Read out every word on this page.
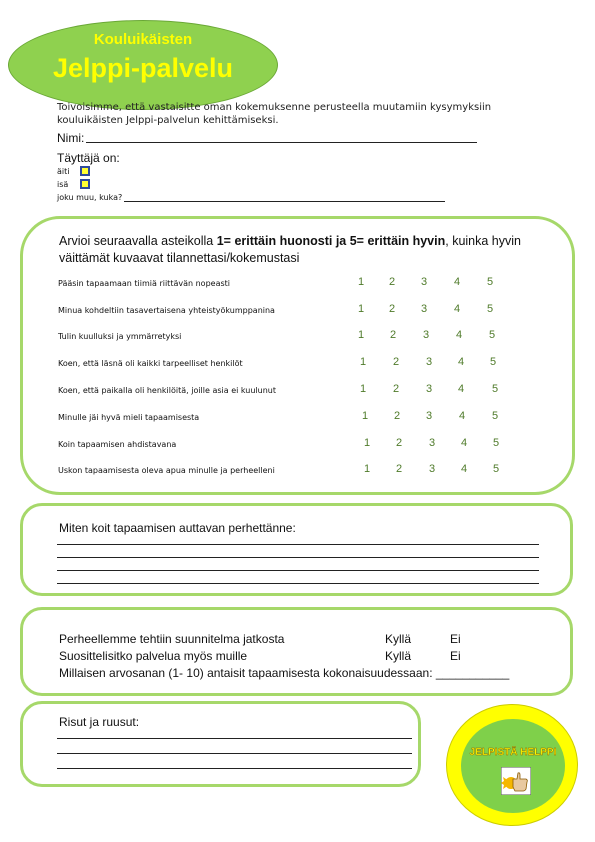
Kouluikäisten
Jelppi-palvelu
Toivoisimme, että vastaisitte oman kokemuksenne perusteella muutamiin kysymyksiin kouluikäisten Jelppi-palvelun kehittämiseksi.
Nimi:
Täyttäjä on:
äiti
isä
joku muu, kuka?
Arvioi seuraavalla asteikolla 1= erittäin huonosti ja 5= erittäin hyvin, kuinka hyvin väittämät kuvaavat tilannettasi/kokemustasi
Pääsin tapaamaan tiimiä riittävän nopeasti	1 2 3 4 5
Minua kohdeltiin tasavertaisena yhteistyökumppanina	1 2 3 4 5
Tulin kuulluksi ja ymmärretyksi	1 2 3 4 5
Koen, että läsnä oli kaikki tarpeelliset henkilöt	1 2 3 4 5
Koen, että paikalla oli henkilöitä, joille asia ei kuulunut	1 2 3 4	5
Minulle jäi hyvä mieli tapaamisesta	1 2 3 4 5
Koin tapaamisen ahdistavana	1 2 3 4 5
Uskon tapaamisesta oleva apua minulle ja perheelleni	1 2 3 4 5
Miten koit tapaamisen auttavan perhettänne:
Perheellemme tehtiin suunnitelma jatkosta	Kyllä	Ei
Suosittelisitko palvelua myös muille	Kyllä	Ei
Millaisen arvosanan (1- 10) antaisit tapaamisesta kokonaisuudessaan: ___________
Risut ja ruusut:
JELPISTÄ HELPPI
